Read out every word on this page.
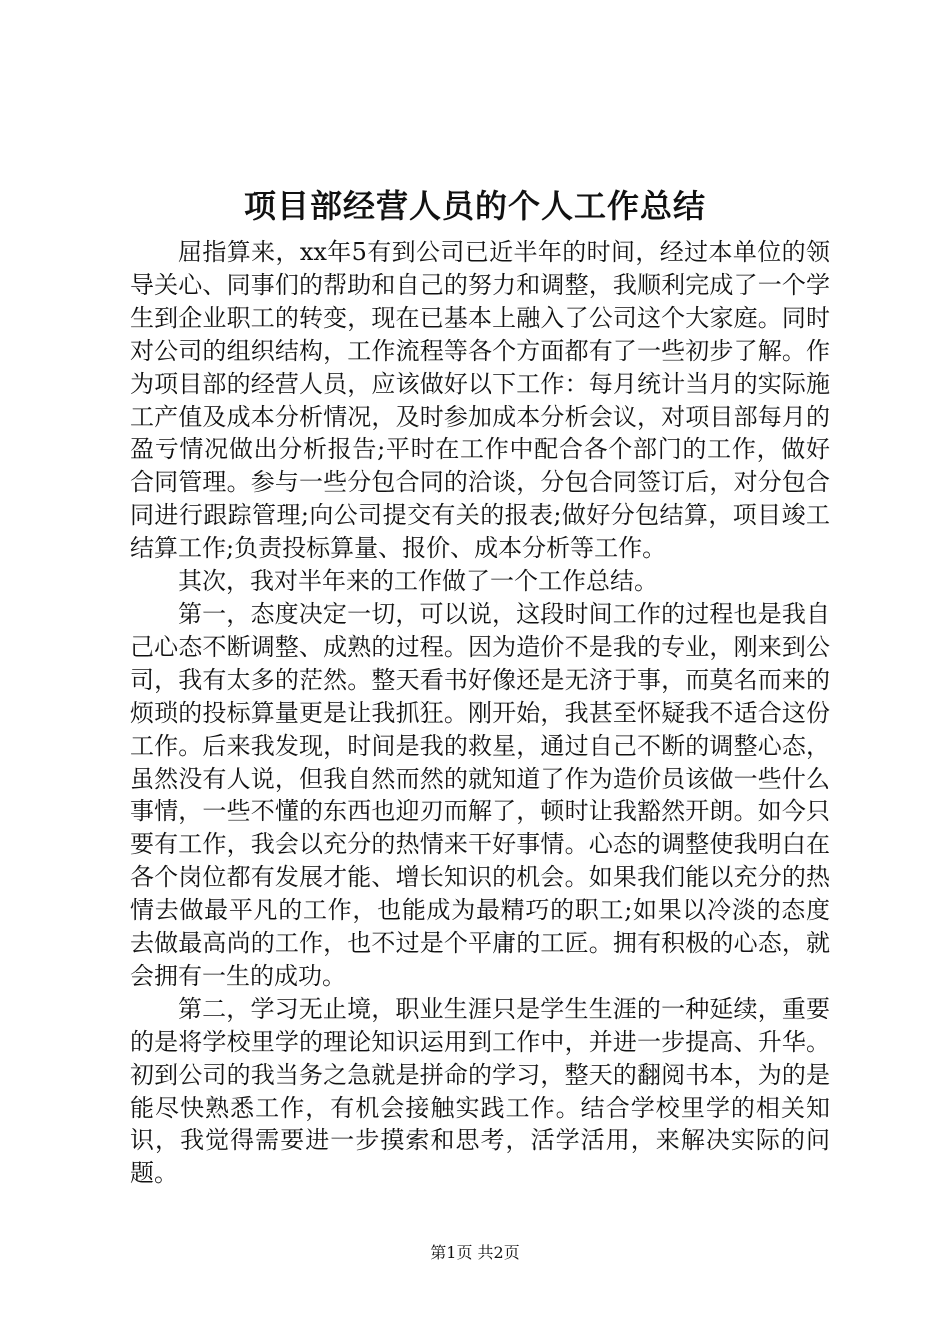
项目部经营人员的个人工作总结

屈指算来，xx年5有到公司已近半年的时间，经过本单位的领导关心、同事们的帮助和自己的努力和调整，我顺利完成了一个学生到企业职工的转变，现在已基本上融入了公司这个大家庭。同时对公司的组织结构，工作流程等各个方面都有了一些初步了解。作为项目部的经营人员，应该做好以下工作：每月统计当月的实际施工产值及成本分析情况，及时参加成本分析会议，对项目部每月的盈亏情况做出分析报告;平时在工作中配合各个部门的工作，做好合同管理。参与一些分包合同的洽谈，分包合同签订后，对分包合同进行跟踪管理;向公司提交有关的报表;做好分包结算，项目竣工结算工作;负责投标算量、报价、成本分析等工作。

其次，我对半年来的工作做了一个工作总结。

第一，态度决定一切，可以说，这段时间工作的过程也是我自己心态不断调整、成熟的过程。因为造价不是我的专业，刚来到公司，我有太多的茫然。整天看书好像还是无济于事，而莫名而来的烦琐的投标算量更是让我抓狂。刚开始，我甚至怀疑我不适合这份工作。后来我发现，时间是我的救星，通过自己不断的调整心态，虽然没有人说，但我自然而然的就知道了作为造价员该做一些什么事情，一些不懂的东西也迎刃而解了，顿时让我豁然开朗。如今只要有工作，我会以充分的热情来干好事情。心态的调整使我明白在各个岗位都有发展才能、增长知识的机会。如果我们能以充分的热情去做最平凡的工作，也能成为最精巧的职工;如果以冷淡的态度去做最高尚的工作，也不过是个平庸的工匠。拥有积极的心态，就会拥有一生的成功。

第二，学习无止境，职业生涯只是学生生涯的一种延续，重要的是将学校里学的理论知识运用到工作中，并进一步提高、升华。初到公司的我当务之急就是拼命的学习，整天的翻阅书本，为的是能尽快熟悉工作，有机会接触实践工作。结合学校里学的相关知识，我觉得需要进一步摸索和思考，活学活用，来解决实际的问题。

第1页 共2页
